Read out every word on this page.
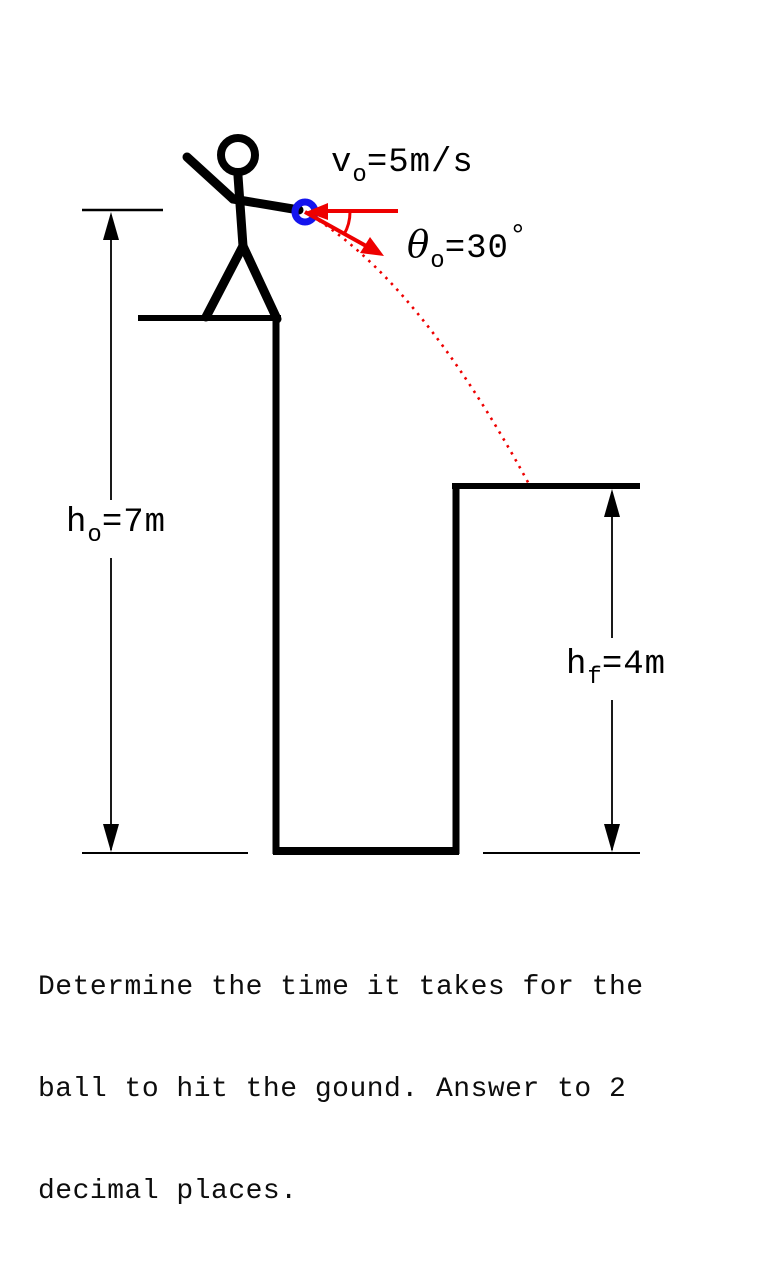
$v_o=5m/s$
$\theta_o=30^\circ$
$h_o=7m$
$h_f=4m$

Determine the time it takes for the

ball to hit the gound. Answer to 2

decimal places.
